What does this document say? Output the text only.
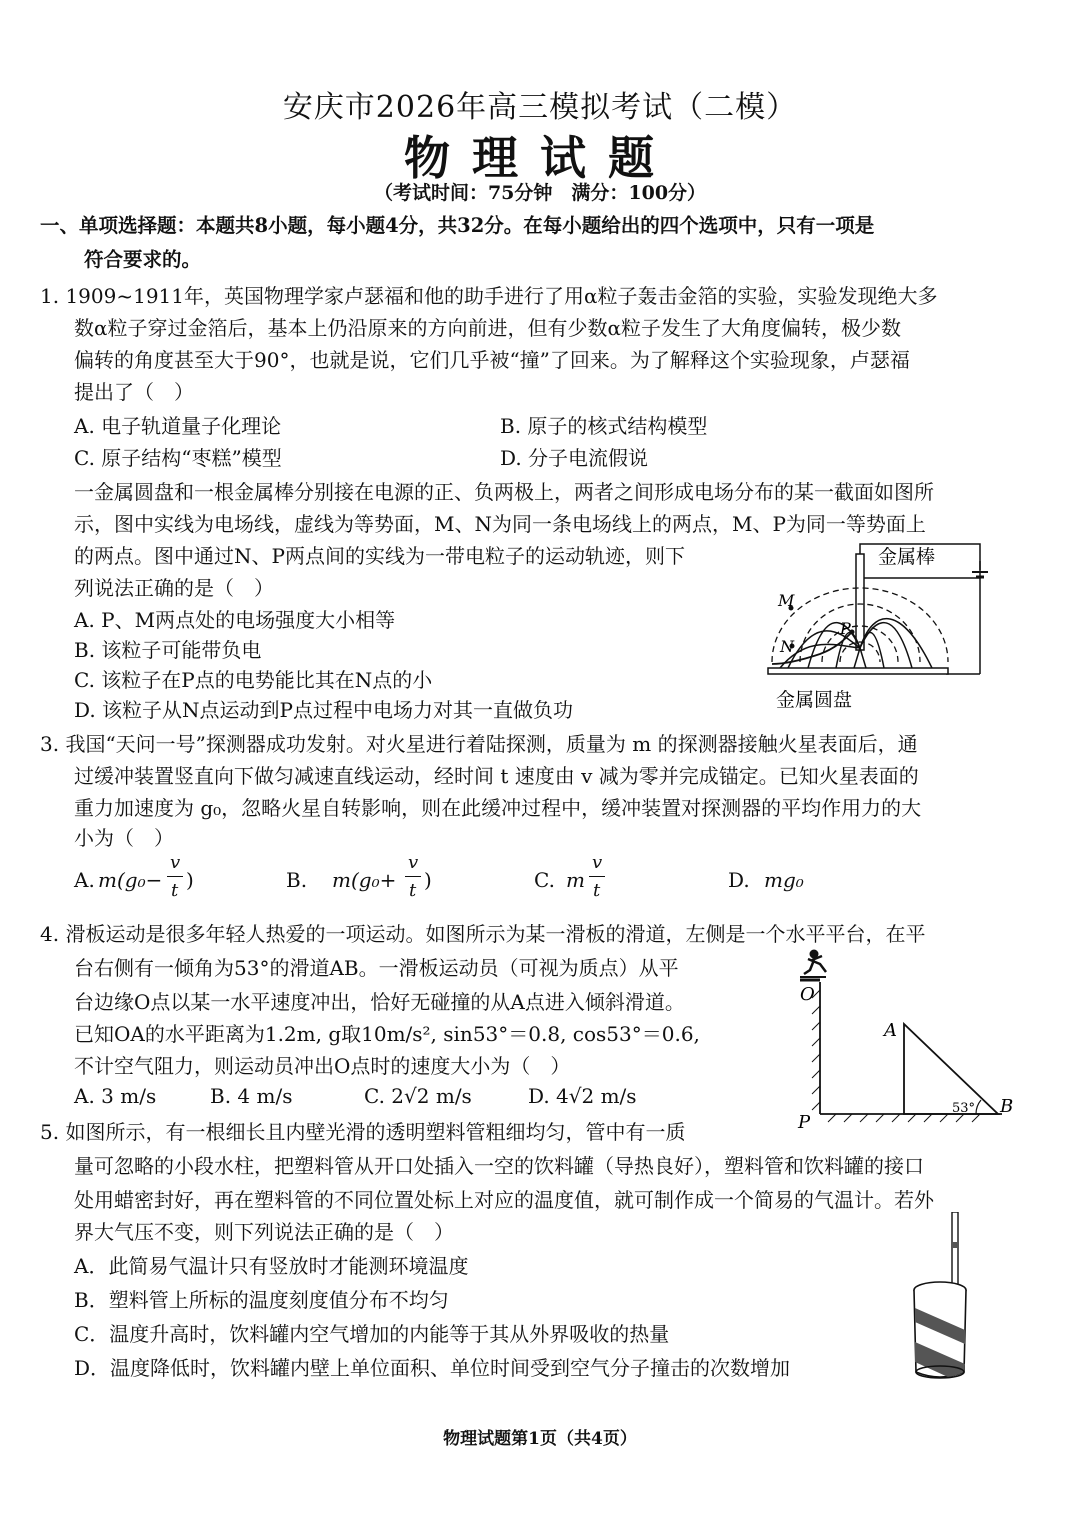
安庆市2026年高三模拟考试（二模）
物理试题
（考试时间：75分钟　满分：100分）
一、单项选择题：本题共8小题，每小题4分，共32分。在每小题给出的四个选项中，只有一项是
符合要求的。
1. 1909~1911年，英国物理学家卢瑟福和他的助手进行了用α粒子轰击金箔的实验，实验发现绝大多
数α粒子穿过金箔后，基本上仍沿原来的方向前进，但有少数α粒子发生了大角度偏转，极少数
偏转的角度甚至大于90°，也就是说，它们几乎被“撞”了回来。为了解释这个实验现象，卢瑟福
提出了（　）
A. 电子轨道量子化理论	B. 原子的核式结构模型
C. 原子结构“枣糕”模型	D. 分子电流假说
一金属圆盘和一根金属棒分别接在电源的正、负两极上，两者之间形成电场分布的某一截面如图所
示，图中实线为电场线，虚线为等势面，M、N为同一条电场线上的两点，M、P为同一等势面上
的两点。图中通过N、P两点间的实线为一带电粒子的运动轨迹，则下
列说法正确的是（　）
A. P、M两点处的电场强度大小相等
B. 该粒子可能带负电
C. 该粒子在P点的电势能比其在N点的小
D. 该粒子从N点运动到P点过程中电场力对其一直做负功
金属棒
金属圆盘
M
N
P
3. 我国“天问一号”探测器成功发射。对火星进行着陆探测，质量为 m 的探测器接触火星表面后，通
过缓冲装置竖直向下做匀减速直线运动，经时间 t 速度由 v 减为零并完成锚定。已知火星表面的
重力加速度为 g₀，忽略火星自转影响，则在此缓冲过程中，缓冲装置对探测器的平均作用力的大
小为（　）
A. m(g₀−
v
t )	B. m(g₀+
v
t )	C. m
v
t	D. mg₀
4. 滑板运动是很多年轻人热爱的一项运动。如图所示为某一滑板的滑道，左侧是一个水平平台，在平
台右侧有一倾角为53°的滑道AB。一滑板运动员（可视为质点）从平
台边缘O点以某一水平速度冲出，恰好无碰撞的从A点进入倾斜滑道。
已知OA的水平距离为1.2m, g取10m/s², sin53°＝0.8, cos53°＝0.6,
不计空气阻力，则运动员冲出O点时的速度大小为（　）
A. 3 m/s	B. 4 m/s	C. 2√2 m/s	D. 4√2 m/s
O
A
B
P
53°
5. 如图所示，有一根细长且内壁光滑的透明塑料管粗细均匀，管中有一质
量可忽略的小段水柱，把塑料管从开口处插入一空的饮料罐（导热良好），塑料管和饮料罐的接口
处用蜡密封好，再在塑料管的不同位置处标上对应的温度值，就可制作成一个简易的气温计。若外
界大气压不变，则下列说法正确的是（　）
A．此简易气温计只有竖放时才能测环境温度
B．塑料管上所标的温度刻度值分布不均匀
C．温度升高时，饮料罐内空气增加的内能等于其从外界吸收的热量
D．温度降低时，饮料罐内壁上单位面积、单位时间受到空气分子撞击的次数增加
物理试题第1页（共4页）
